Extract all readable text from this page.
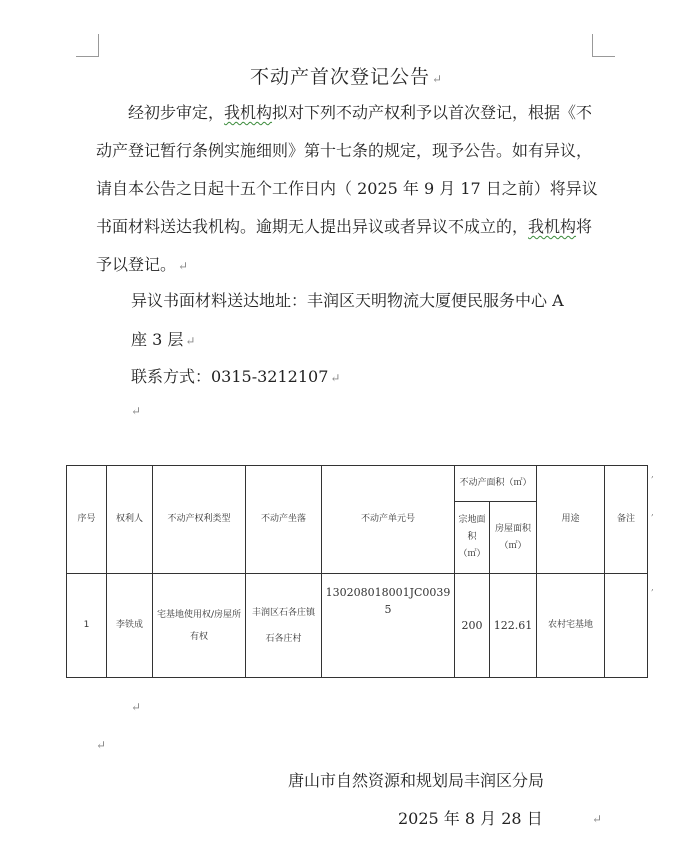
不动产首次登记公告 ↵
经初步审定，我机构拟对下列不动产权利予以首次登记，根据《不动产登记暂行条例实施细则》第十七条的规定，现予公告。如有异议，请自本公告之日起十五个工作日内（ 2025 年 9 月 17 日之前）将异议书面材料送达我机构。逾期无人提出异议或者异议不成立的，我机构将予以登记。 ↵
异议书面材料送达地址：丰润区天明物流大厦便民服务中心 A
座 3 层 ↵
联系方式：0315-3212107 ↵
↵
序号	权利人	不动产权利类型	不动产坐落	不动产单元号	不动产面积（㎡）		用途	备注
					宗地面积（㎡）	房屋面积（㎡）		
1	李铁成	宅基地使用权/房屋所有权	丰润区石各庄镇石各庄村	130208018001JC00395	200	122.61	农村宅基地	
,
,
,
↵
↵
唐山市自然资源和规划局丰润区分局
2025 年 8 月 28 日	↵
